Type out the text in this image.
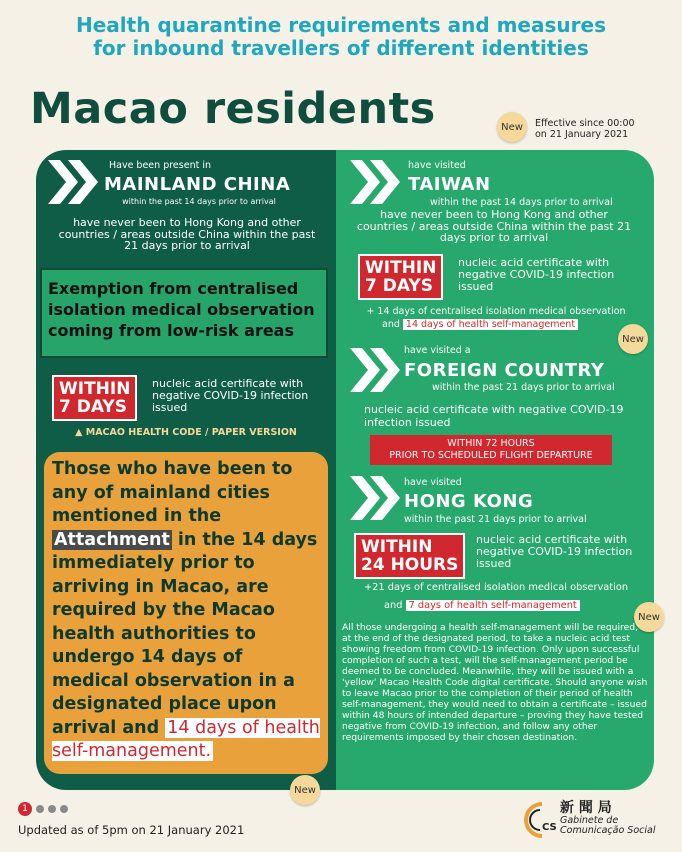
Health quarantine requirements and measures
for inbound travellers of different identities
Macao residents	New	Effective since 00:00
on 21 January 2021
Have been present in
MAINLAND CHINA
within the past 14 days prior to arrival
have never been to Hong Kong and other countries / areas outside China within the past 21 days prior to arrival
Exemption from centralised isolation medical observation coming from low-risk areas
WITHIN
7 DAYS
nucleic acid certificate with negative COVID-19 infection issued
▲ MACAO HEALTH CODE / PAPER VERSION
Those who have been to any of mainland cities mentioned in the Attachment in the 14 days immediately prior to arriving in Macao, are required by the Macao health authorities to undergo 14 days of medical observation in a designated place upon arrival and 14 days of health self-management.
New
have visited
TAIWAN
within the past 14 days prior to arrival
have never been to Hong Kong and other countries / areas outside China within the past 21 days prior to arrival
WITHIN
7 DAYS
nucleic acid certificate with negative COVID-19 infection issued
+ 14 days of centralised isolation medical observation
and 14 days of health self-management
New
have visited a
FOREIGN COUNTRY
within the past 21 days prior to arrival
nucleic acid certificate with negative COVID-19 infection issued
WITHIN 72 HOURS
PRIOR TO SCHEDULED FLIGHT DEPARTURE
have visited
HONG KONG
within the past 21 days prior to arrival
WITHIN
24 HOURS
nucleic acid certificate with negative COVID-19 infection issued
+21 days of centralised isolation medical observation
and 7 days of health self-management
New
All those undergoing a health self-management will be required, at the end of the designated period, to take a nucleic acid test showing freedom from COVID-19 infection. Only upon successful completion of such a test, will the self-management period be deemed to be concluded. Meanwhile, they will be issued with a 'yellow' Macao Health Code digital certificate. Should anyone wish to leave Macao prior to the completion of their period of health self-management, they would need to obtain a certificate – issued within 48 hours of intended departure – proving they have tested negative from COVID-19 infection, and follow any other requirements imposed by their chosen destination.
1
Updated as of 5pm on 21 January 2021	CS
新 聞 局
Gabinete de
Comunicação Social
